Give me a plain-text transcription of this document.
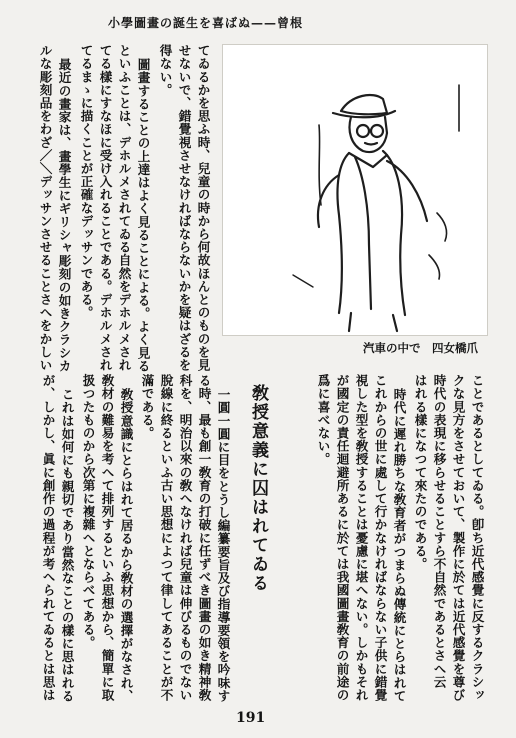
小學圖畫の誕生を喜ばぬ——曾根
てゐるかを思ふ時、兒童の時から何故ほんとのものを見
せないで、錯覺視させなければならないかを疑はざるを
得ない。
圖畫することの上達はよく見ることによる。よく見る
といふことは、デホルメされてゐる自然をデホルメされ
てる樣にすなほに受け入れることである。デホルメされ
てるまゝに描くことが正確なデッサンである。
最近の畫家は、畫學生にギリシャ彫刻の如きクラシカ
ルな彫刻品をわざ／＼デッサンさせることさへをかしい	汽車の中で　四女橋爪
ことであるとしてゐる。卽ち近代感覺に反するクラシッ
クな見方をさせておいて、製作に於ては近代感覺を尊び
時代の表現に移らせることすら不自然であるとさへ云
はれる樣になつて來たのである。
時代に遲れ勝ちな敎育者がつまらぬ傳統にとらはれて
これからの世に處して行かなければならない子供に錯覺
視した型を敎授することは憂慮に堪へない。しかもそれ
が國定の責任迴避所あるに於ては我國圖畫敎育の前途の
爲に喜べない。
敎授意義に囚はれてゐる
一圓一圓に目をとうし編纂要旨及び指導要領を吟味す
る時、最も創一敎育の打破に任ずべき圖畫の如き精神敎
科を、明治以來の敎へなければ兒童は伸びるものでない
脫線に終るといふ古い思想によつて律してあることが不
滿である。
敎授意識にとらはれて居るから敎材の選擇がなされ、
敎材の難易を考へて排列するといふ思想から、簡單に取
扱つたものから次第に複雜へとならべてある。
これは如何にも親切であり當然なことの樣に思はれる
が、しかし、眞に創作の過程が考へられてゐるとは思は
191
